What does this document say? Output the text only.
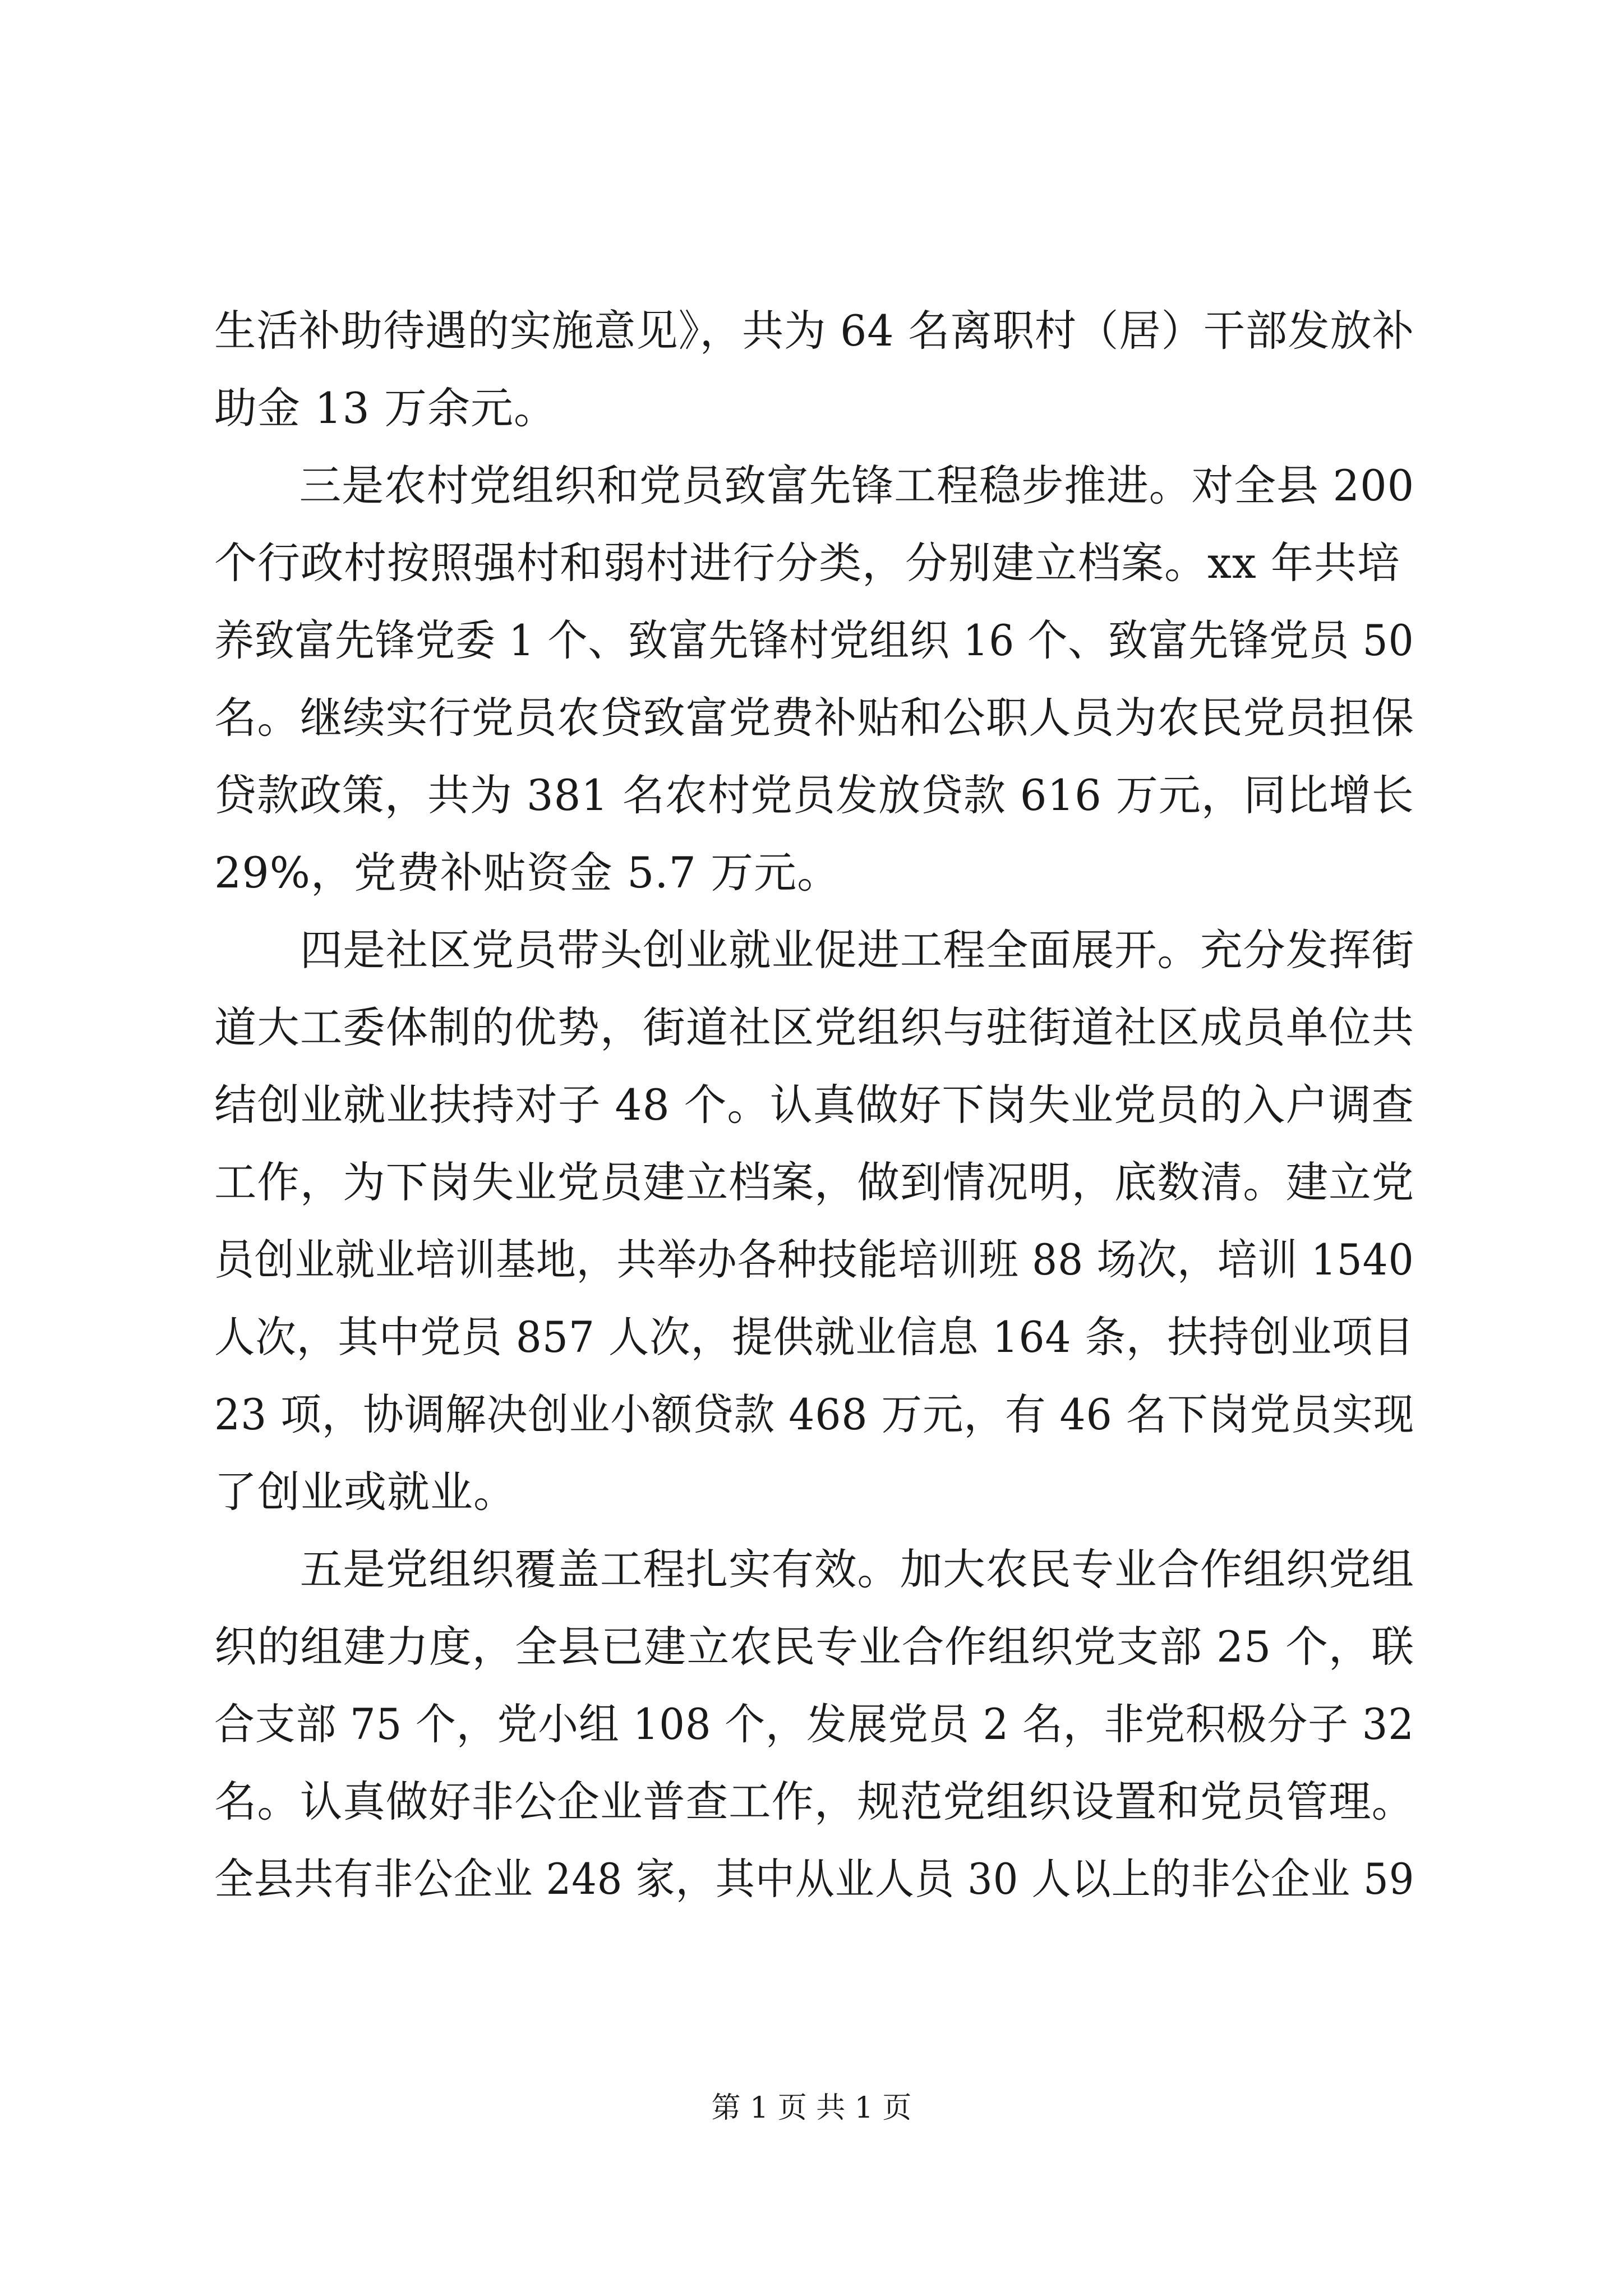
生活补助待遇的实施意见》，共为 64 名离职村（居）干部发放补
助金 13 万余元。
　　三是农村党组织和党员致富先锋工程稳步推进。对全县 200
个行政村按照强村和弱村进行分类，分别建立档案。xx 年共培
养致富先锋党委 1 个、致富先锋村党组织 16 个、致富先锋党员 50
名。继续实行党员农贷致富党费补贴和公职人员为农民党员担保
贷款政策，共为 381 名农村党员发放贷款 616 万元，同比增长
29%，党费补贴资金 5.7 万元。
　　四是社区党员带头创业就业促进工程全面展开。充分发挥街
道大工委体制的优势，街道社区党组织与驻街道社区成员单位共
结创业就业扶持对子 48 个。认真做好下岗失业党员的入户调查
工作，为下岗失业党员建立档案，做到情况明，底数清。建立党
员创业就业培训基地，共举办各种技能培训班 88 场次，培训 1540
人次，其中党员 857 人次，提供就业信息 164 条，扶持创业项目
23 项，协调解决创业小额贷款 468 万元，有 46 名下岗党员实现
了创业或就业。
　　五是党组织覆盖工程扎实有效。加大农民专业合作组织党组
织的组建力度，全县已建立农民专业合作组织党支部 25 个，联
合支部 75 个，党小组 108 个，发展党员 2 名，非党积极分子 32
名。认真做好非公企业普查工作，规范党组织设置和党员管理。
全县共有非公企业 248 家，其中从业人员 30 人以上的非公企业 59
第 1 页 共 1 页
